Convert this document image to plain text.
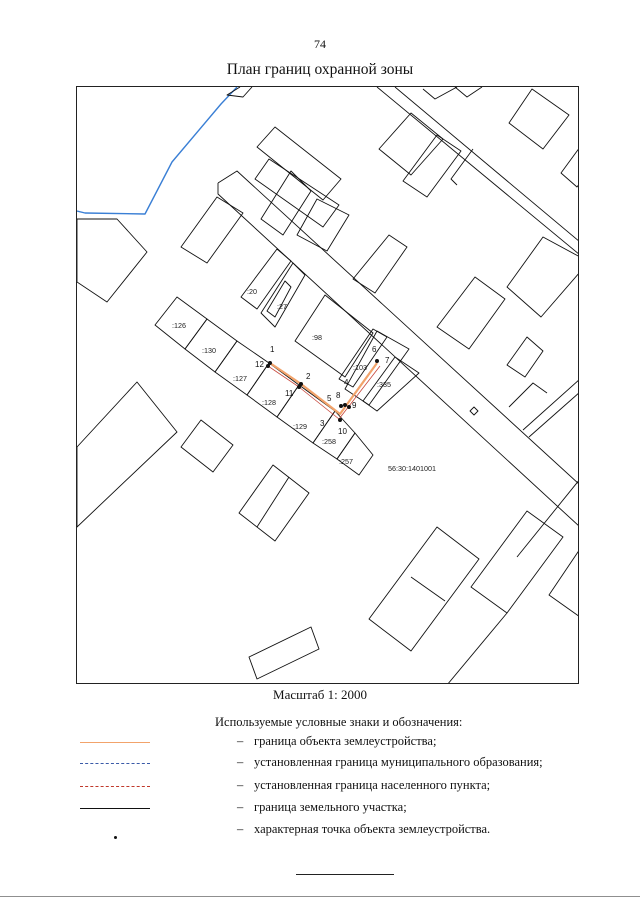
74
План границ охранной зоны
:20
:27
:126
:130
:98
:127
:128
:129
:103
:335
:258
:257
56:30:1401001
1
12
2
11
3
4
5 8
6
7
9
10
Масштаб 1: 2000
Используемые условные знаки и обозначения:
– граница объекта землеустройства;
– установленная граница муниципального образования;
– установленная граница населенного пункта;
– граница земельного участка;
– характерная точка объекта землеустройства.
